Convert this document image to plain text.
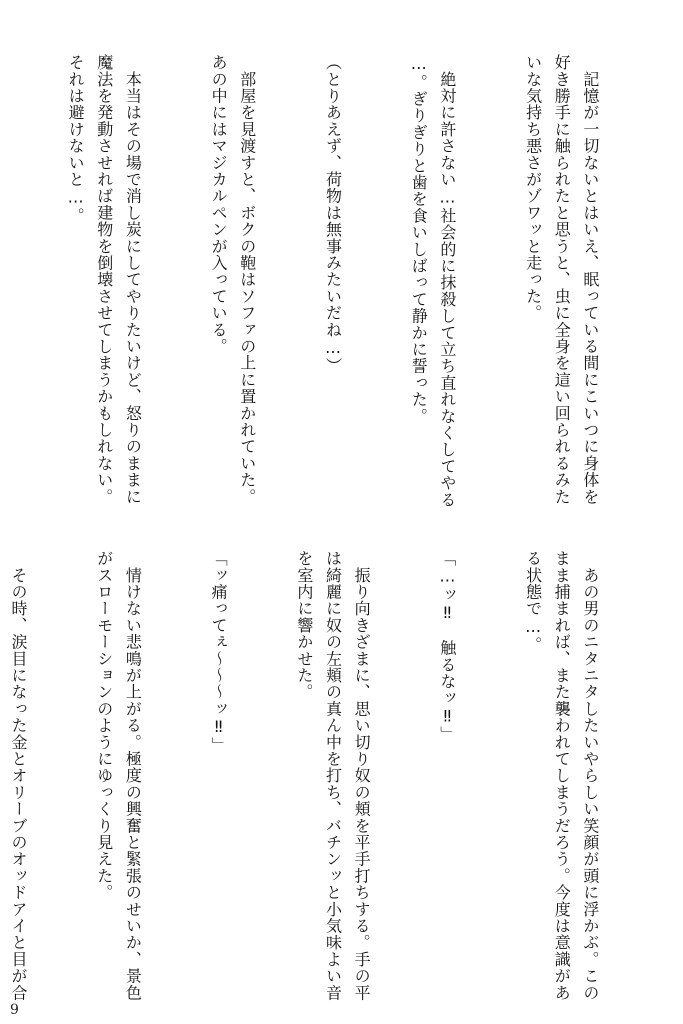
　記憶が一切ないとはいえ、眠っている間にこいつに身体を
好き勝手に触られたと思うと、虫に全身を這い回られるみた
いな気持ち悪さがゾワッと走った。

　絶対に許さない…社会的に抹殺して立ち直れなくしてやる
…。ぎりぎりと歯を食いしばって静かに誓った。

（とりあえず、荷物は無事みたいだね…）

　部屋を見渡すと、ボクの鞄はソファの上に置かれていた。
あの中にはマジカルペンが入っている。

　本当はその場で消し炭にしてやりたいけど、怒りのままに
魔法を発動させれば建物を倒壊させてしまうかもしれない。
それは避けないと…。

　あの男のニタニタしたいやらしい笑顔が頭に浮かぶ。この
まま捕まれば、また襲われてしまうだろう。今度は意識があ
る状態で…。

「…ッ‼　触るなッ‼」

　振り向きざまに、思い切り奴の頬を平手打ちする。手の平
は綺麗に奴の左頬の真ん中を打ち、バチンッと小気味よい音
を室内に響かせた。

「ッ痛ってぇ〜〜〜ッ‼」

　情けない悲鳴が上がる。極度の興奮と緊張のせいか、景色
がスローモーションのようにゆっくり見えた。

　その時、涙目になった金とオリーブのオッドアイと目が合

9
